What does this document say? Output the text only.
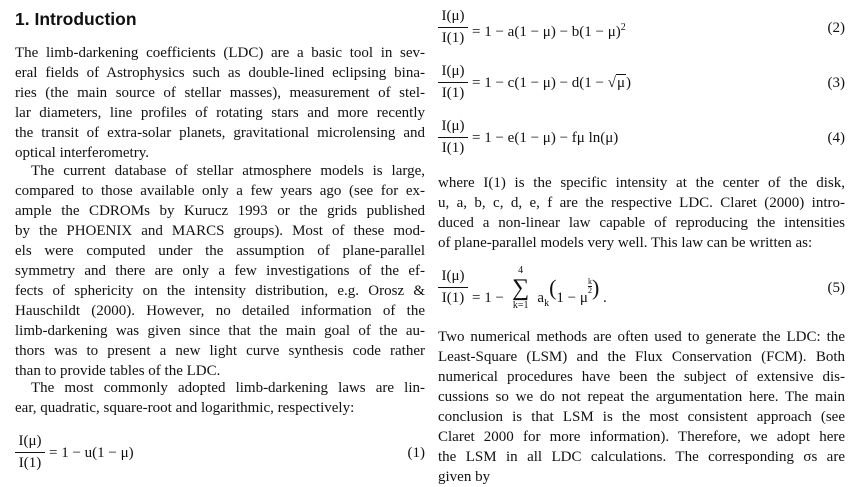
1. Introduction
The limb-darkening coefficients (LDC) are a basic tool in sev-
eral fields of Astrophysics such as double-lined eclipsing bina-
ries (the main source of stellar masses), measurement of stel-
lar diameters, line profiles of rotating stars and more recently
the transit of extra-solar planets, gravitational microlensing and
optical interferometry.
The current database of stellar atmosphere models is large,
compared to those available only a few years ago (see for ex-
ample the CDROMs by Kurucz 1993 or the grids published
by the PHOENIX and MARCS groups). Most of these mod-
els were computed under the assumption of plane-parallel
symmetry and there are only a few investigations of the ef-
fects of sphericity on the intensity distribution, e.g. Orosz &
Hauschildt (2000). However, no detailed information of the
limb-darkening was given since that the main goal of the au-
thors was to present a new light curve synthesis code rather
than to provide tables of the LDC.
The most commonly adopted limb-darkening laws are lin-
ear, quadratic, square-root and logarithmic, respectively:
I(μ)
I(1)
= 1 − u(1 − μ)	(1)
I(μ)
$I(1) = 1 - a(1 - \mu) - b(1 - \mu)^2$	(2)
I(μ)
I(1)
= 1 − c(1 − μ) − d(1 − √μ)	(3)
I(μ)
I(1)
= 1 − e(1 − μ) − fμ ln(μ)	(4)
where I(1) is the specific intensity at the center of the disk,
u, a, b, c, d, e, f are the respective LDC. Claret (2000) intro-
duced a non-linear law capable of reproducing the intensities
of plane-parallel models very well. This law can be written as:
I(μ)
I(1) = 1 −
4
∑
k=1 $a_k(1 - \mu$
$\frac{k}{2}$ ) .
(5)
Two numerical methods are often used to generate the LDC: the
Least-Square (LSM) and the Flux Conservation (FCM). Both
numerical procedures have been the subject of extensive dis-
cussions so we do not repeat the argumentation here. The main
conclusion is that LSM is the most consistent approach (see
Claret 2000 for more information). Therefore, we adopt here
the LSM in all LDC calculations. The corresponding σs are
given by
